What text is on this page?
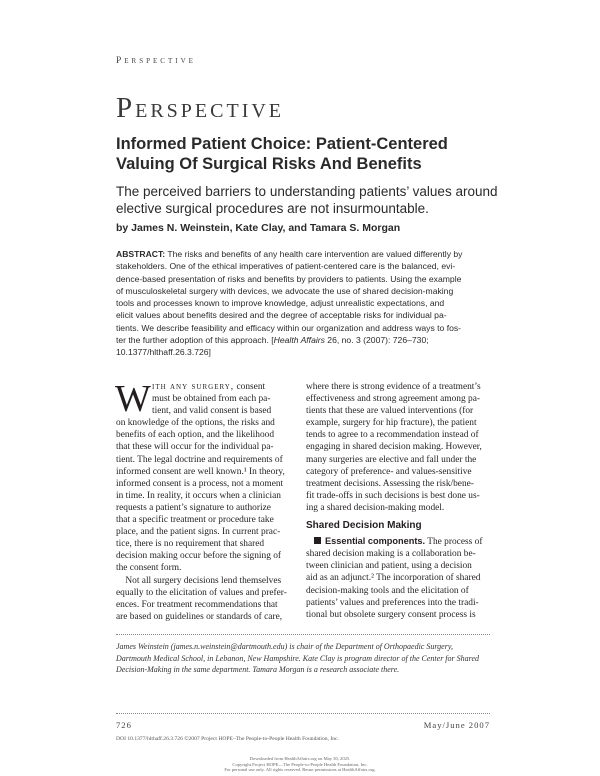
Perspective
Perspective
Informed Patient Choice: Patient-Centered
Valuing Of Surgical Risks And Benefits
The perceived barriers to understanding patients’ values around
elective surgical procedures are not insurmountable.
by James N. Weinstein, Kate Clay, and Tamara S. Morgan
ABSTRACT: The risks and benefits of any health care intervention are valued differently by
stakeholders. One of the ethical imperatives of patient-centered care is the balanced, evi-
dence-based presentation of risks and benefits by providers to patients. Using the example
of musculoskeletal surgery with devices, we advocate the use of shared decision-making
tools and processes known to improve knowledge, adjust unrealistic expectations, and
elicit values about benefits desired and the degree of acceptable risks for individual pa-
tients. We describe feasibility and efficacy within our organization and address ways to fos-
ter the further adoption of this approach. [Health Affairs 26, no. 3 (2007): 726–730;
10.1377/hlthaff.26.3.726]
W ith any surgery, consent
must be obtained from each pa-
tient, and valid consent is based
on knowledge of the options, the risks and
benefits of each option, and the likelihood
that these will occur for the individual pa-
tient. The legal doctrine and requirements of
informed consent are well known.¹ In theory,
informed consent is a process, not a moment
in time. In reality, it occurs when a clinician
requests a patient’s signature to authorize
that a specific treatment or procedure take
place, and the patient signs. In current prac-
tice, there is no requirement that shared
decision making occur before the signing of
the consent form.
Not all surgery decisions lend themselves
equally to the elicitation of values and prefer-
ences. For treatment recommendations that
are based on guidelines or standards of care,
where there is strong evidence of a treatment’s
effectiveness and strong agreement among pa-
tients that these are valued interventions (for
example, surgery for hip fracture), the patient
tends to agree to a recommendation instead of
engaging in shared decision making. However,
many surgeries are elective and fall under the
category of preference- and values-sensitive
treatment decisions. Assessing the risk/bene-
fit trade-offs in such decisions is best done us-
ing a shared decision-making model.
Shared Decision Making
Essential components. The process of
shared decision making is a collaboration be-
tween clinician and patient, using a decision
aid as an adjunct.² The incorporation of shared
decision-making tools and the elicitation of
patients’ values and preferences into the tradi-
tional but obsolete surgery consent process is
James Weinstein (james.n.weinstein@dartmouth.edu) is chair of the Department of Orthopaedic Surgery,
Dartmouth Medical School, in Lebanon, New Hampshire. Kate Clay is program director of the Center for Shared
Decision-Making in the same department. Tamara Morgan is a research associate there.
726	May/June 2007
DOI 10.1377/hlthaff.26.3.726 ©2007 Project HOPE–The People-to-People Health Foundation, Inc.
Downloaded from HealthAffairs.org on May 30, 2025.
Copyright Project HOPE—The People-to-People Health Foundation, Inc.
For personal use only. All rights reserved. Reuse permissions at HealthAffairs.org.
